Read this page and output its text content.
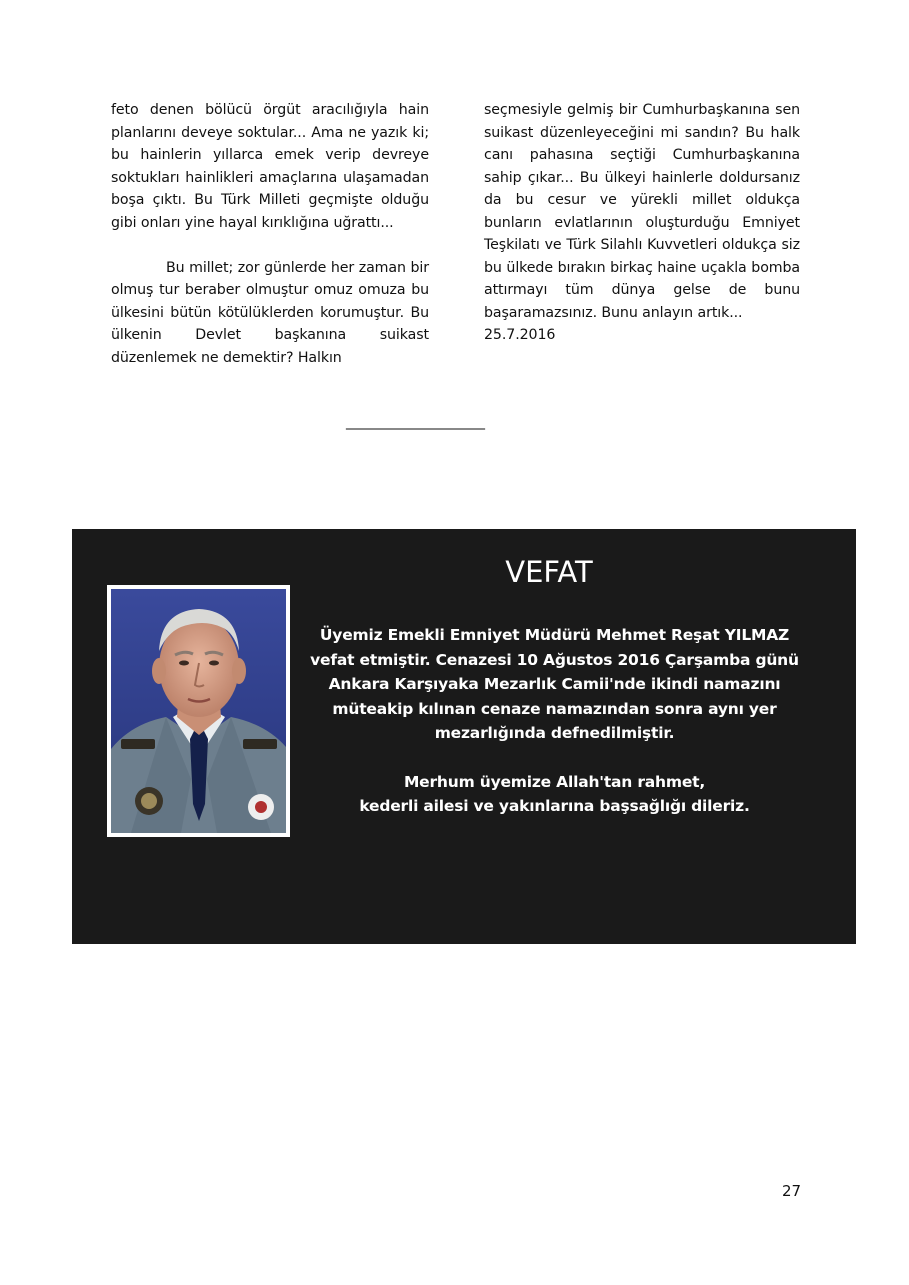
feto denen bölücü örgüt aracılığıyla hain planlarını deveye soktular... Ama ne yazık ki; bu hainlerin yıllarca emek verip devreye soktukları hainlikleri amaçlarına ulaşamadan boşa çıktı. Bu Türk Milleti geçmişte olduğu gibi onları yine hayal kırıklığına uğrattı...

Bu millet; zor günlerde her zaman bir olmuş tur beraber olmuştur omuz omuza bu ülkesini bütün kötülüklerden korumuştur. Bu ülkenin Devlet başkanına suikast düzenlemek ne demektir? Halkın

seçmesiyle gelmiş bir Cumhurbaşkanına sen suikast düzenleyeceğini mi sandın? Bu halk canı pahasına seçtiği Cumhurbaşkanına sahip çıkar... Bu ülkeyi hainlerle doldursanız da bu cesur ve yürekli millet oldukça bunların evlatlarının oluşturduğu Emniyet Teşkilatı ve Türk Silahlı Kuvvetleri oldukça siz bu ülkede bırakın birkaç haine uçakla bomba attırmayı tüm dünya gelse de bunu başaramazsınız. Bunu anlayın artık...

25.7.2016

_______________________
VEFAT

Üyemiz Emekli Emniyet Müdürü Mehmet Reşat YILMAZ vefat etmiştir. Cenazesi 10 Ağustos 2016 Çarşamba günü Ankara Karşıyaka Mezarlık Camii'nde ikindi namazını müteakip kılınan cenaze namazından sonra aynı yer mezarlığında defnedilmiştir.

Merhum üyemize Allah'tan rahmet,

kederli ailesi ve yakınlarına başsağlığı dileriz.

27
